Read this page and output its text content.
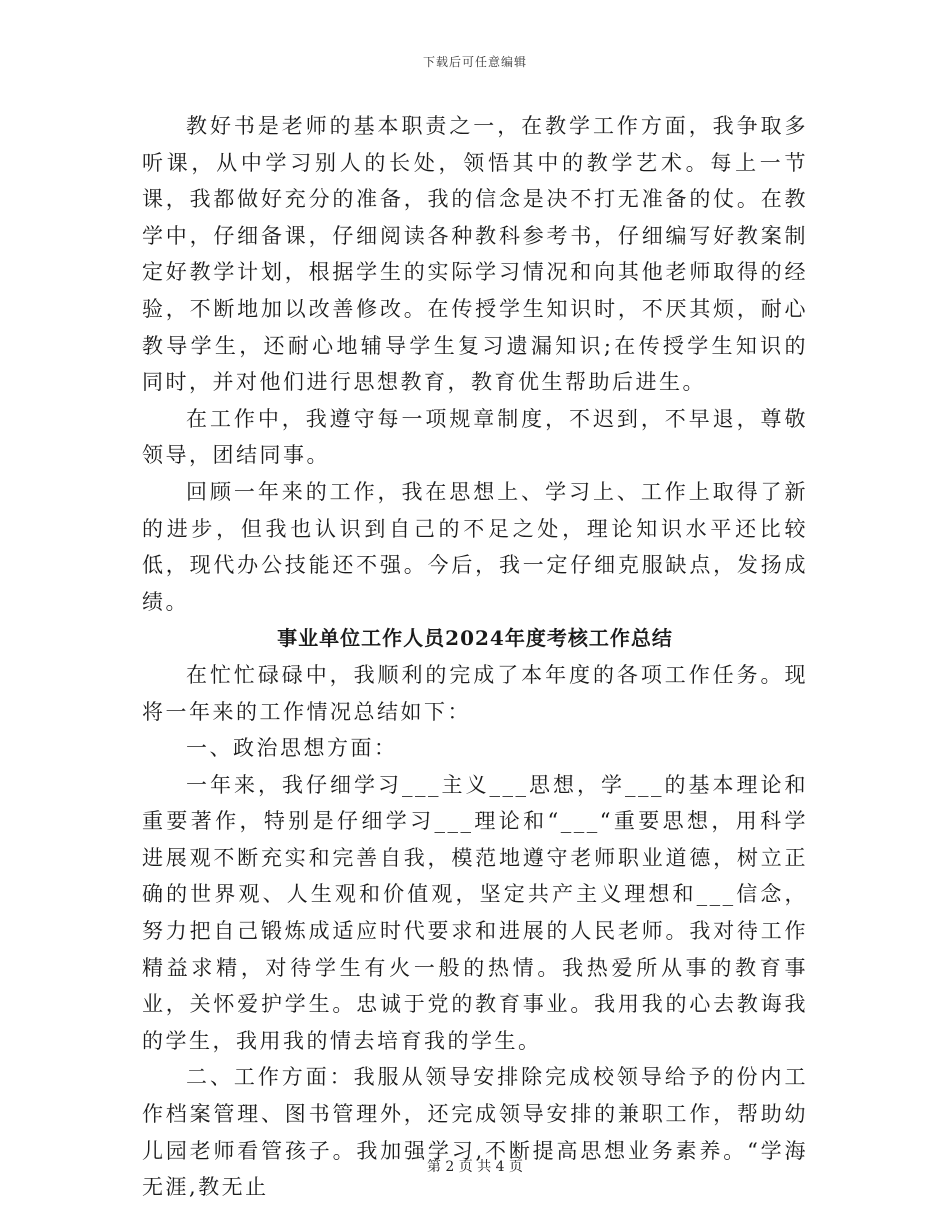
下载后可任意编辑

教好书是老师的基本职责之一，在教学工作方面，我争取多听课，从中学习别人的长处，领悟其中的教学艺术。每上一节课，我都做好充分的准备，我的信念是决不打无准备的仗。在教学中，仔细备课，仔细阅读各种教科参考书，仔细编写好教案制定好教学计划，根据学生的实际学习情况和向其他老师取得的经验，不断地加以改善修改。在传授学生知识时，不厌其烦，耐心教导学生，还耐心地辅导学生复习遗漏知识;在传授学生知识的同时，并对他们进行思想教育，教育优生帮助后进生。

在工作中，我遵守每一项规章制度，不迟到，不早退，尊敬领导，团结同事。

回顾一年来的工作，我在思想上、学习上、工作上取得了新的进步，但我也认识到自己的不足之处，理论知识水平还比较低，现代办公技能还不强。今后，我一定仔细克服缺点，发扬成绩。

事业单位工作人员2024年度考核工作总结

在忙忙碌碌中，我顺利的完成了本年度的各项工作任务。现将一年来的工作情况总结如下：

一、政治思想方面：

一年来，我仔细学习___主义___思想，学___的基本理论和重要著作，特别是仔细学习___理论和“___“重要思想，用科学进展观不断充实和完善自我，模范地遵守老师职业道德，树立正确的世界观、人生观和价值观，坚定共产主义理想和___信念，努力把自己锻炼成适应时代要求和进展的人民老师。我对待工作精益求精，对待学生有火一般的热情。我热爱所从事的教育事业，关怀爱护学生。忠诚于党的教育事业。我用我的心去教诲我的学生，我用我的情去培育我的学生。

二、工作方面：我服从领导安排除完成校领导给予的份内工作档案管理、图书管理外，还完成领导安排的兼职工作，帮助幼儿园老师看管孩子。我加强学习,不断提高思想业务素养。“学海无涯,教无止

第 2 页 共 4 页
